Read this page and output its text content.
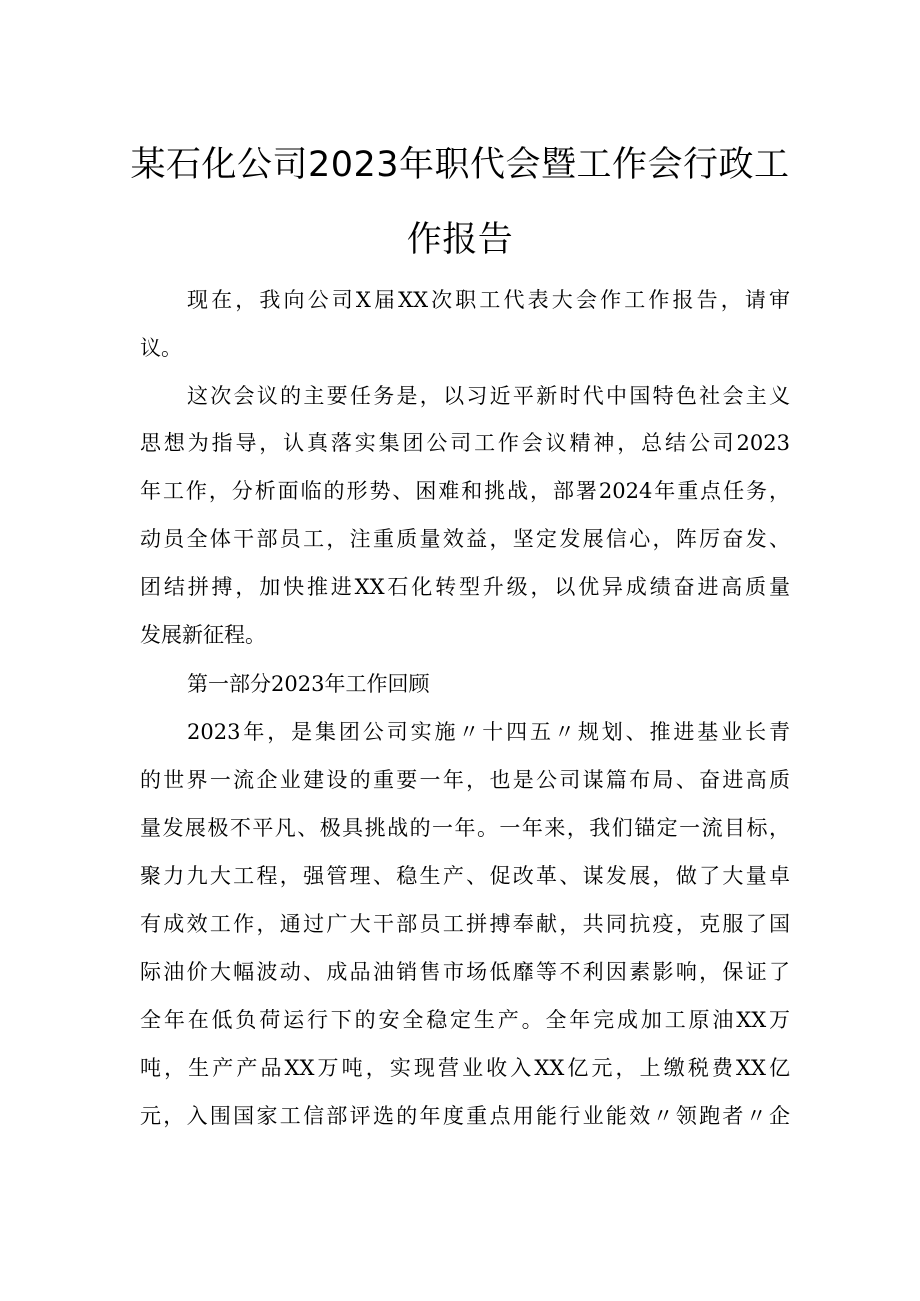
某石化公司2023年职代会暨工作会行政工
作报告
现在，我向公司X届XX次职工代表大会作工作报告，请审
议。
这次会议的主要任务是，以习近平新时代中国特色社会主义
思想为指导，认真落实集团公司工作会议精神，总结公司2023
年工作，分析面临的形势、困难和挑战，部署2024年重点任务，
动员全体干部员工，注重质量效益，坚定发展信心，阵厉奋发、
团结拼搏，加快推进XX石化转型升级，以优异成绩奋进高质量
发展新征程。
第一部分2023年工作回顾
2023年，是集团公司实施〃十四五〃规划、推进基业长青
的世界一流企业建设的重要一年，也是公司谋篇布局、奋进高质
量发展极不平凡、极具挑战的一年。一年来，我们锚定一流目标，
聚力九大工程，强管理、稳生产、促改革、谋发展，做了大量卓
有成效工作，通过广大干部员工拼搏奉献，共同抗疫，克服了国
际油价大幅波动、成品油销售市场低靡等不利因素影响，保证了
全年在低负荷运行下的安全稳定生产。全年完成加工原油XX万
吨，生产产品XX万吨，实现营业收入XX亿元，上缴税费XX亿
元，入围国家工信部评选的年度重点用能行业能效〃领跑者〃企
